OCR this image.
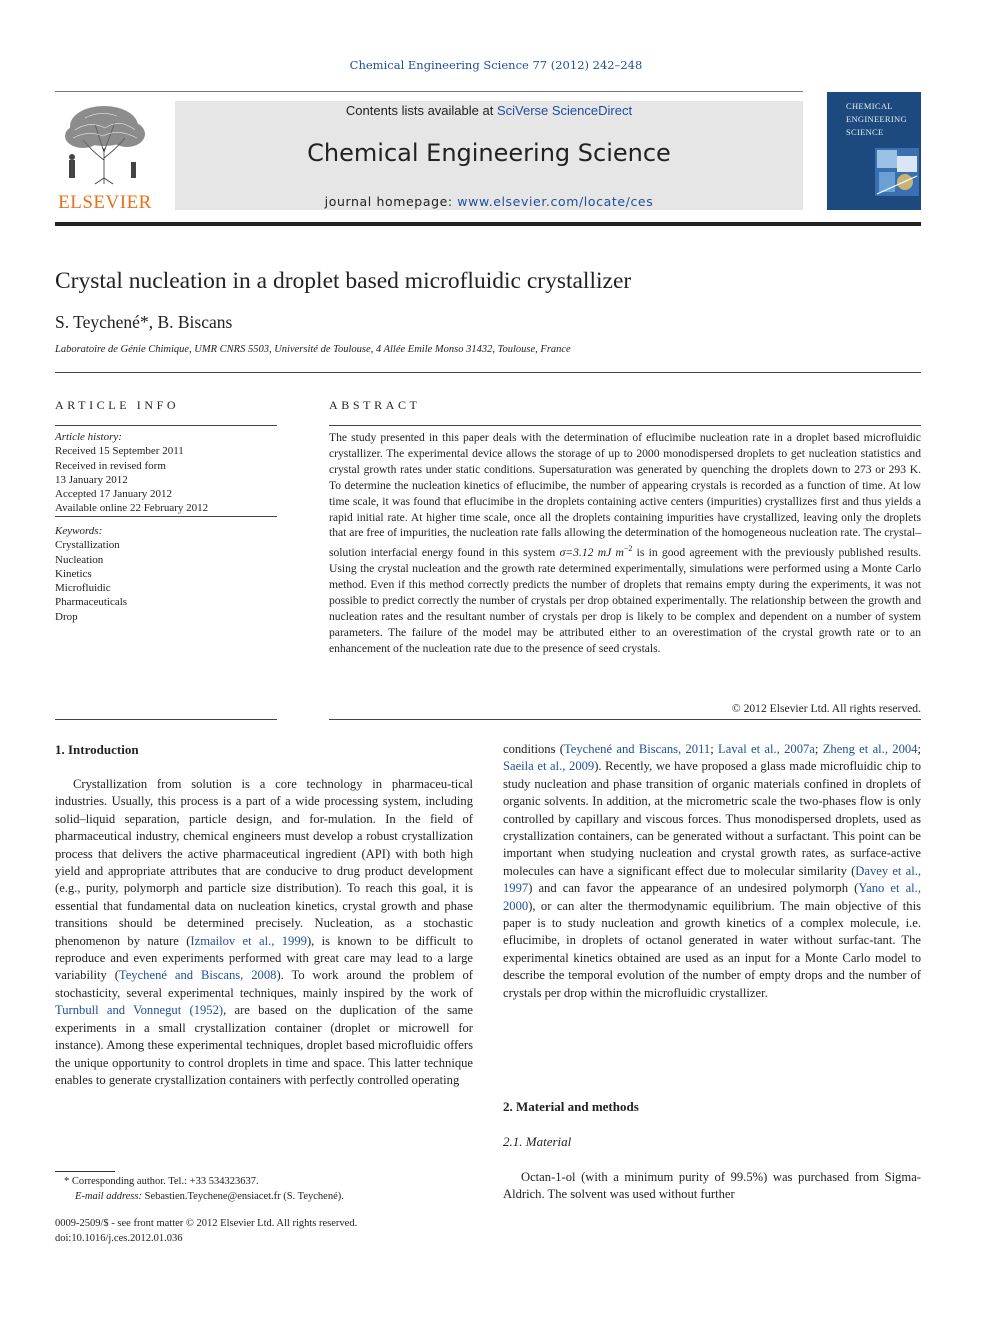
Chemical Engineering Science 77 (2012) 242–248
ELSEVIER
Contents lists available at SciVerse ScienceDirect
Chemical Engineering Science
journal homepage: www.elsevier.com/locate/ces
CHEMICAL
ENGINEERING
SCIENCE
Crystal nucleation in a droplet based microfluidic crystallizer
S. Teychené*, B. Biscans
Laboratoire de Génie Chimique, UMR CNRS 5503, Université de Toulouse, 4 Allée Emile Monso 31432, Toulouse, France
ARTICLE INFO
Article history:
Received 15 September 2011
Received in revised form
13 January 2012
Accepted 17 January 2012
Available online 22 February 2012
Keywords:
Crystallization
Nucleation
Kinetics
Microfluidic
Pharmaceuticals
Drop
ABSTRACT
The study presented in this paper deals with the determination of eflucimibe nucleation rate in a droplet based microfluidic crystallizer. The experimental device allows the storage of up to 2000 monodispersed droplets to get nucleation statistics and crystal growth rates under static conditions. Supersaturation was generated by quenching the droplets down to 273 or 293 K. To determine the nucleation kinetics of eflucimibe, the number of appearing crystals is recorded as a function of time. At low time scale, it was found that eflucimibe in the droplets containing active centers (impurities) crystallizes first and thus yields a rapid initial rate. At higher time scale, once all the droplets containing impurities have crystallized, leaving only the droplets that are free of impurities, the nucleation rate falls allowing the determination of the homogeneous nucleation rate. The crystal–solution interfacial energy found in this system σ=3.12 mJ $m^{-2}$ is in good agreement with the previously published results. Using the crystal nucleation and the growth rate determined experimentally, simulations were performed using a Monte Carlo method. Even if this method correctly predicts the number of droplets that remains empty during the experiments, it was not possible to predict correctly the number of crystals per drop obtained experimentally. The relationship between the growth and nucleation rates and the resultant number of crystals per drop is likely to be complex and dependent on a number of system parameters. The failure of the model may be attributed either to an overestimation of the crystal growth rate or to an enhancement of the nucleation rate due to the presence of seed crystals.
© 2012 Elsevier Ltd. All rights reserved.
1. Introduction
Crystallization from solution is a core technology in pharmaceu-tical industries. Usually, this process is a part of a wide processing system, including solid–liquid separation, particle design, and for-mulation. In the field of pharmaceutical industry, chemical engineers must develop a robust crystallization process that delivers the active pharmaceutical ingredient (API) with both high yield and appropriate attributes that are conducive to drug product development (e.g., purity, polymorph and particle size distribution). To reach this goal, it is essential that fundamental data on nucleation kinetics, crystal growth and phase transitions should be determined precisely. Nucleation, as a stochastic phenomenon by nature (Izmailov et al., 1999), is known to be difficult to reproduce and even experiments performed with great care may lead to a large variability (Teychené and Biscans, 2008). To work around the problem of stochasticity, several experimental techniques, mainly inspired by the work of Turnbull and Vonnegut (1952), are based on the duplication of the same experiments in a small crystallization container (droplet or microwell for instance). Among these experimental techniques, droplet based microfluidic offers the unique opportunity to control droplets in time and space. This latter technique enables to generate crystallization containers with perfectly controlled operating
conditions (Teychené and Biscans, 2011; Laval et al., 2007a; Zheng et al., 2004; Saeila et al., 2009). Recently, we have proposed a glass made microfluidic chip to study nucleation and phase transition of organic materials confined in droplets of organic solvents. In addition, at the micrometric scale the two-phases flow is only controlled by capillary and viscous forces. Thus monodispersed droplets, used as crystallization containers, can be generated without a surfactant. This point can be important when studying nucleation and crystal growth rates, as surface-active molecules can have a significant effect due to molecular similarity (Davey et al., 1997) and can favor the appearance of an undesired polymorph (Yano et al., 2000), or can alter the thermodynamic equilibrium. The main objective of this paper is to study nucleation and growth kinetics of a complex molecule, i.e. eflucimibe, in droplets of octanol generated in water without surfac-tant. The experimental kinetics obtained are used as an input for a Monte Carlo model to describe the temporal evolution of the number of empty drops and the number of crystals per drop within the microfluidic crystallizer.
2. Material and methods
2.1. Material
Octan-1-ol (with a minimum purity of 99.5%) was purchased from Sigma-Aldrich. The solvent was used without further
* Corresponding author. Tel.: +33 534323637.
E-mail address: Sebastien.Teychene@ensiacet.fr (S. Teychené).
0009-2509/$ - see front matter © 2012 Elsevier Ltd. All rights reserved.
doi:10.1016/j.ces.2012.01.036
